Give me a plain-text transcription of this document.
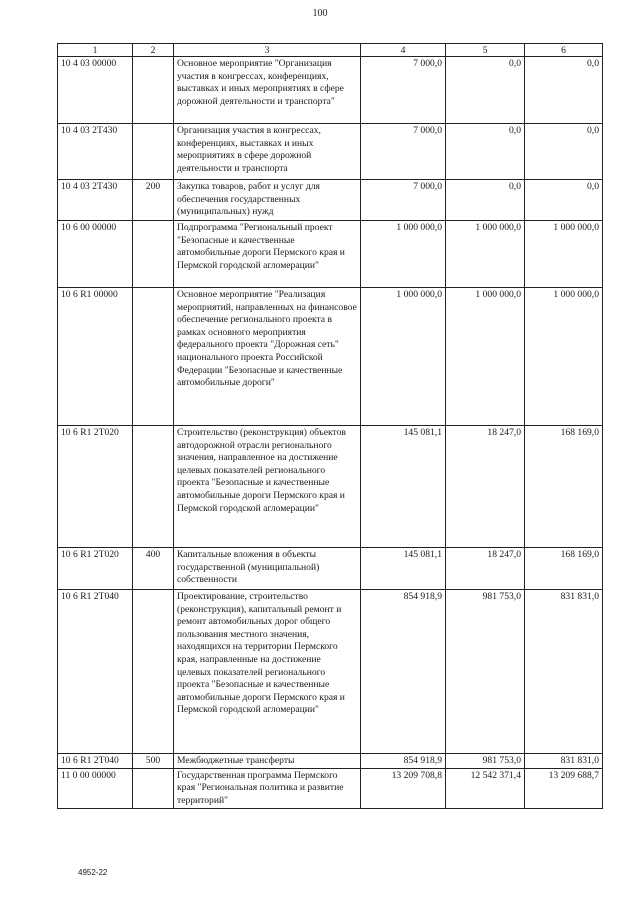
100
1	2	3	4	5	6
10 4 03 00000		Основное мероприятие "Организация участия в конгрессах, конференциях, выставках и иных мероприятиях в сфере дорожной деятельности и транспорта"	7 000,0	0,0	0,0
10 4 03 2Т430		Организация участия в конгрессах, конференциях, выставках и иных мероприятиях в сфере дорожной деятельности и транспорта	7 000,0	0,0	0,0
10 4 03 2Т430	200	Закупка товаров, работ и услуг для обеспечения государственных (муниципальных) нужд	7 000,0	0,0	0,0
10 6 00 00000		Подпрограмма "Региональный проект "Безопасные и качественные автомобильные дороги Пермского края и Пермской городской агломерации"	1 000 000,0	1 000 000,0	1 000 000,0
10 6 R1 00000		Основное мероприятие "Реализация мероприятий, направленных на финансовое обеспечение регионального проекта в рамках основного мероприятия федерального проекта "Дорожная сеть" национального проекта Российской Федерации "Безопасные и качественные автомобильные дороги"	1 000 000,0	1 000 000,0	1 000 000,0
10 6 R1 2Т020		Строительство (реконструкция) объектов автодорожной отрасли регионального значения, направленное на достижение целевых показателей регионального проекта "Безопасные и качественные автомобильные дороги Пермского края и Пермской городской агломерации"	145 081,1	18 247,0	168 169,0
10 6 R1 2Т020	400	Капитальные вложения в объекты государственной (муниципальной) собственности	145 081,1	18 247,0	168 169,0
10 6 R1 2Т040		Проектирование, строительство (реконструкция), капитальный ремонт и ремонт автомобильных дорог общего пользования местного значения, находящихся на территории Пермского края, направленные на достижение целевых показателей регионального проекта "Безопасные и качественные автомобильные дороги Пермского края и Пермской городской агломерации"	854 918,9	981 753,0	831 831,0
10 6 R1 2Т040	500	Межбюджетные трансферты	854 918,9	981 753,0	831 831,0
11 0 00 00000		Государственная программа Пермского края "Региональная политика и развитие территорий"	13 209 708,8	12 542 371,4	13 209 688,7
4952-22
